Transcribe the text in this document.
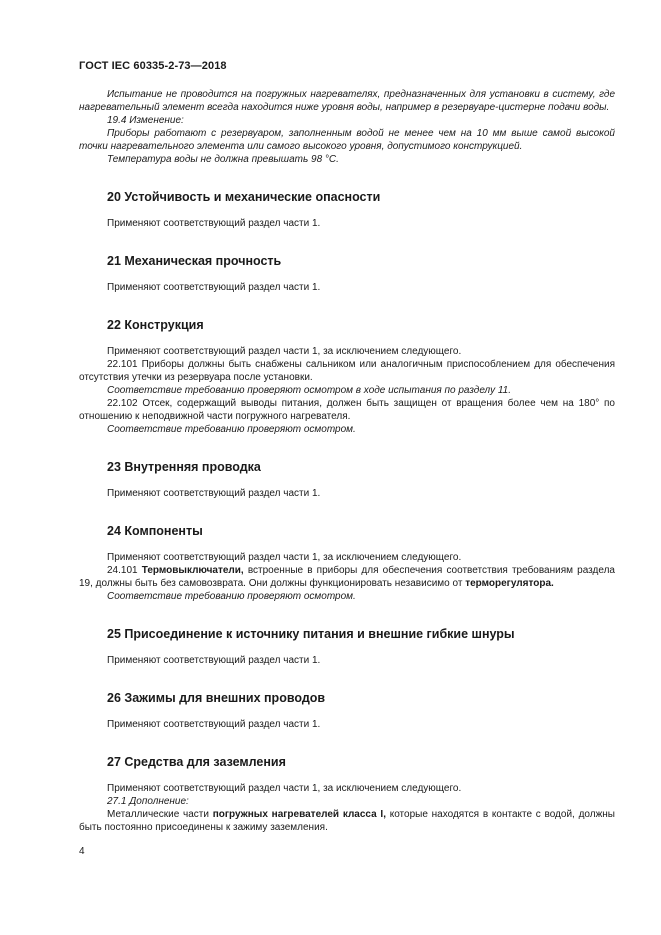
ГОСТ IEC 60335-2-73—2018

Испытание не проводится на погружных нагревателях, предназначенных для установки в систему, где нагревательный элемент всегда находится ниже уровня воды, например в резервуаре-цистерне подачи воды.

19.4 Изменение:

Приборы работают с резервуаром, заполненным водой не менее чем на 10 мм выше самой высокой точки нагревательного элемента или самого высокого уровня, допустимого конструкцией.

Температура воды не должна превышать 98 °С.

20 Устойчивость и механические опасности

Применяют соответствующий раздел части 1.

21 Механическая прочность

Применяют соответствующий раздел части 1.

22 Конструкция

Применяют соответствующий раздел части 1, за исключением следующего.

22.101 Приборы должны быть снабжены сальником или аналогичным приспособлением для обеспечения отсутствия утечки из резервуара после установки.

Соответствие требованию проверяют осмотром в ходе испытания по разделу 11.

22.102 Отсек, содержащий выводы питания, должен быть защищен от вращения более чем на 180° по отношению к неподвижной части погружного нагревателя.

Соответствие требованию проверяют осмотром.

23 Внутренняя проводка

Применяют соответствующий раздел части 1.

24 Компоненты

Применяют соответствующий раздел части 1, за исключением следующего.

24.101 Термовыключатели, встроенные в приборы для обеспечения соответствия требованиям раздела 19, должны быть без самовозврата. Они должны функционировать независимо от терморегулятора.

Соответствие требованию проверяют осмотром.

25 Присоединение к источнику питания и внешние гибкие шнуры

Применяют соответствующий раздел части 1.

26 Зажимы для внешних проводов

Применяют соответствующий раздел части 1.

27 Средства для заземления

Применяют соответствующий раздел части 1, за исключением следующего.

27.1 Дополнение:

Металлические части погружных нагревателей класса I, которые находятся в контакте с водой, должны быть постоянно присоединены к зажиму заземления.

4
